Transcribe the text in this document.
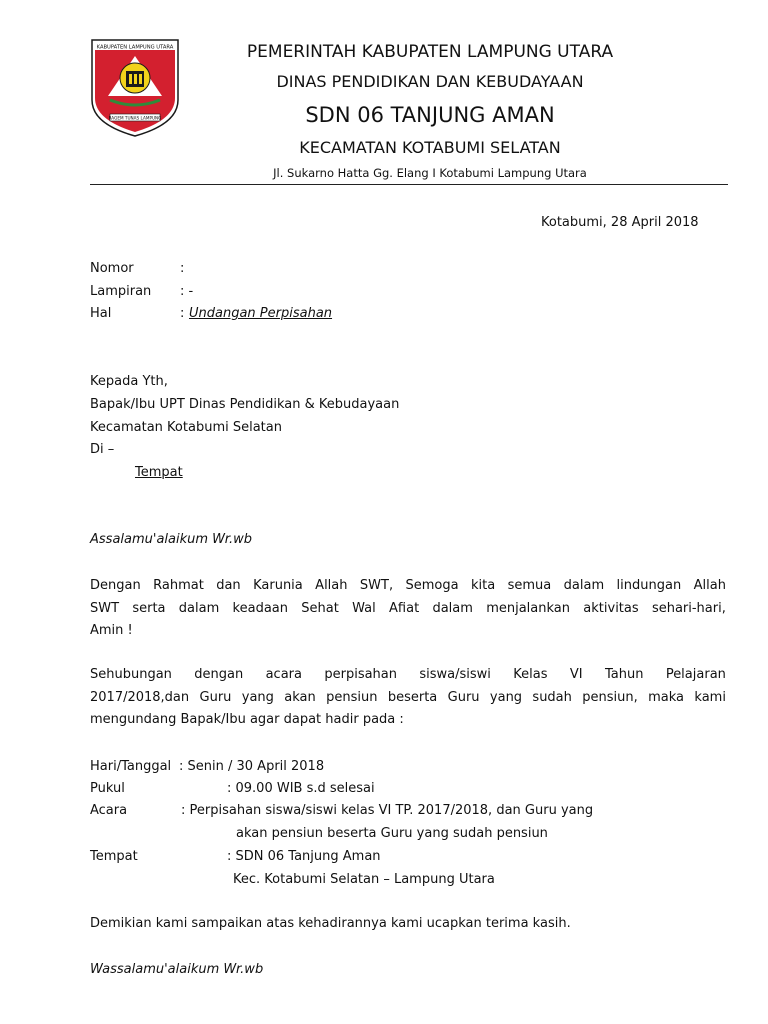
KABUPATEN LAMPUNG UTARA
RAGEM TUNAS LAMPUNG
PEMERINTAH KABUPATEN LAMPUNG UTARA
DINAS PENDIDIKAN DAN KEBUDAYAAN
SDN 06 TANJUNG AMAN
KECAMATAN KOTABUMI SELATAN
Jl. Sukarno Hatta Gg. Elang I Kotabumi Lampung Utara
Kotabumi, 28 April 2018
Nomor	:
Lampiran : -
Hal	: Undangan Perpisahan
Kepada Yth,
Bapak/Ibu UPT Dinas Pendidikan & Kebudayaan
Kecamatan Kotabumi Selatan
Di –
Tempat
Assalamu'alaikum Wr.wb
Dengan Rahmat dan Karunia Allah SWT, Semoga kita semua dalam lindungan Allah
SWT serta dalam keadaan Sehat Wal Afiat dalam menjalankan aktivitas sehari-hari,
Amin !
Sehubungan dengan acara perpisahan siswa/siswi Kelas VI Tahun Pelajaran
2017/2018,dan Guru yang akan pensiun beserta Guru yang sudah pensiun, maka kami
mengundang Bapak/Ibu agar dapat hadir pada :
Hari/Tanggal : Senin / 30 April 2018
Pukul	: 09.00 WIB s.d selesai
Acara	: Perpisahan siswa/siswi kelas VI TP. 2017/2018, dan Guru yang
akan pensiun beserta Guru yang sudah pensiun
Tempat	: SDN 06 Tanjung Aman
Kec. Kotabumi Selatan – Lampung Utara
Demikian kami sampaikan atas kehadirannya kami ucapkan terima kasih.
Wassalamu'alaikum Wr.wb
